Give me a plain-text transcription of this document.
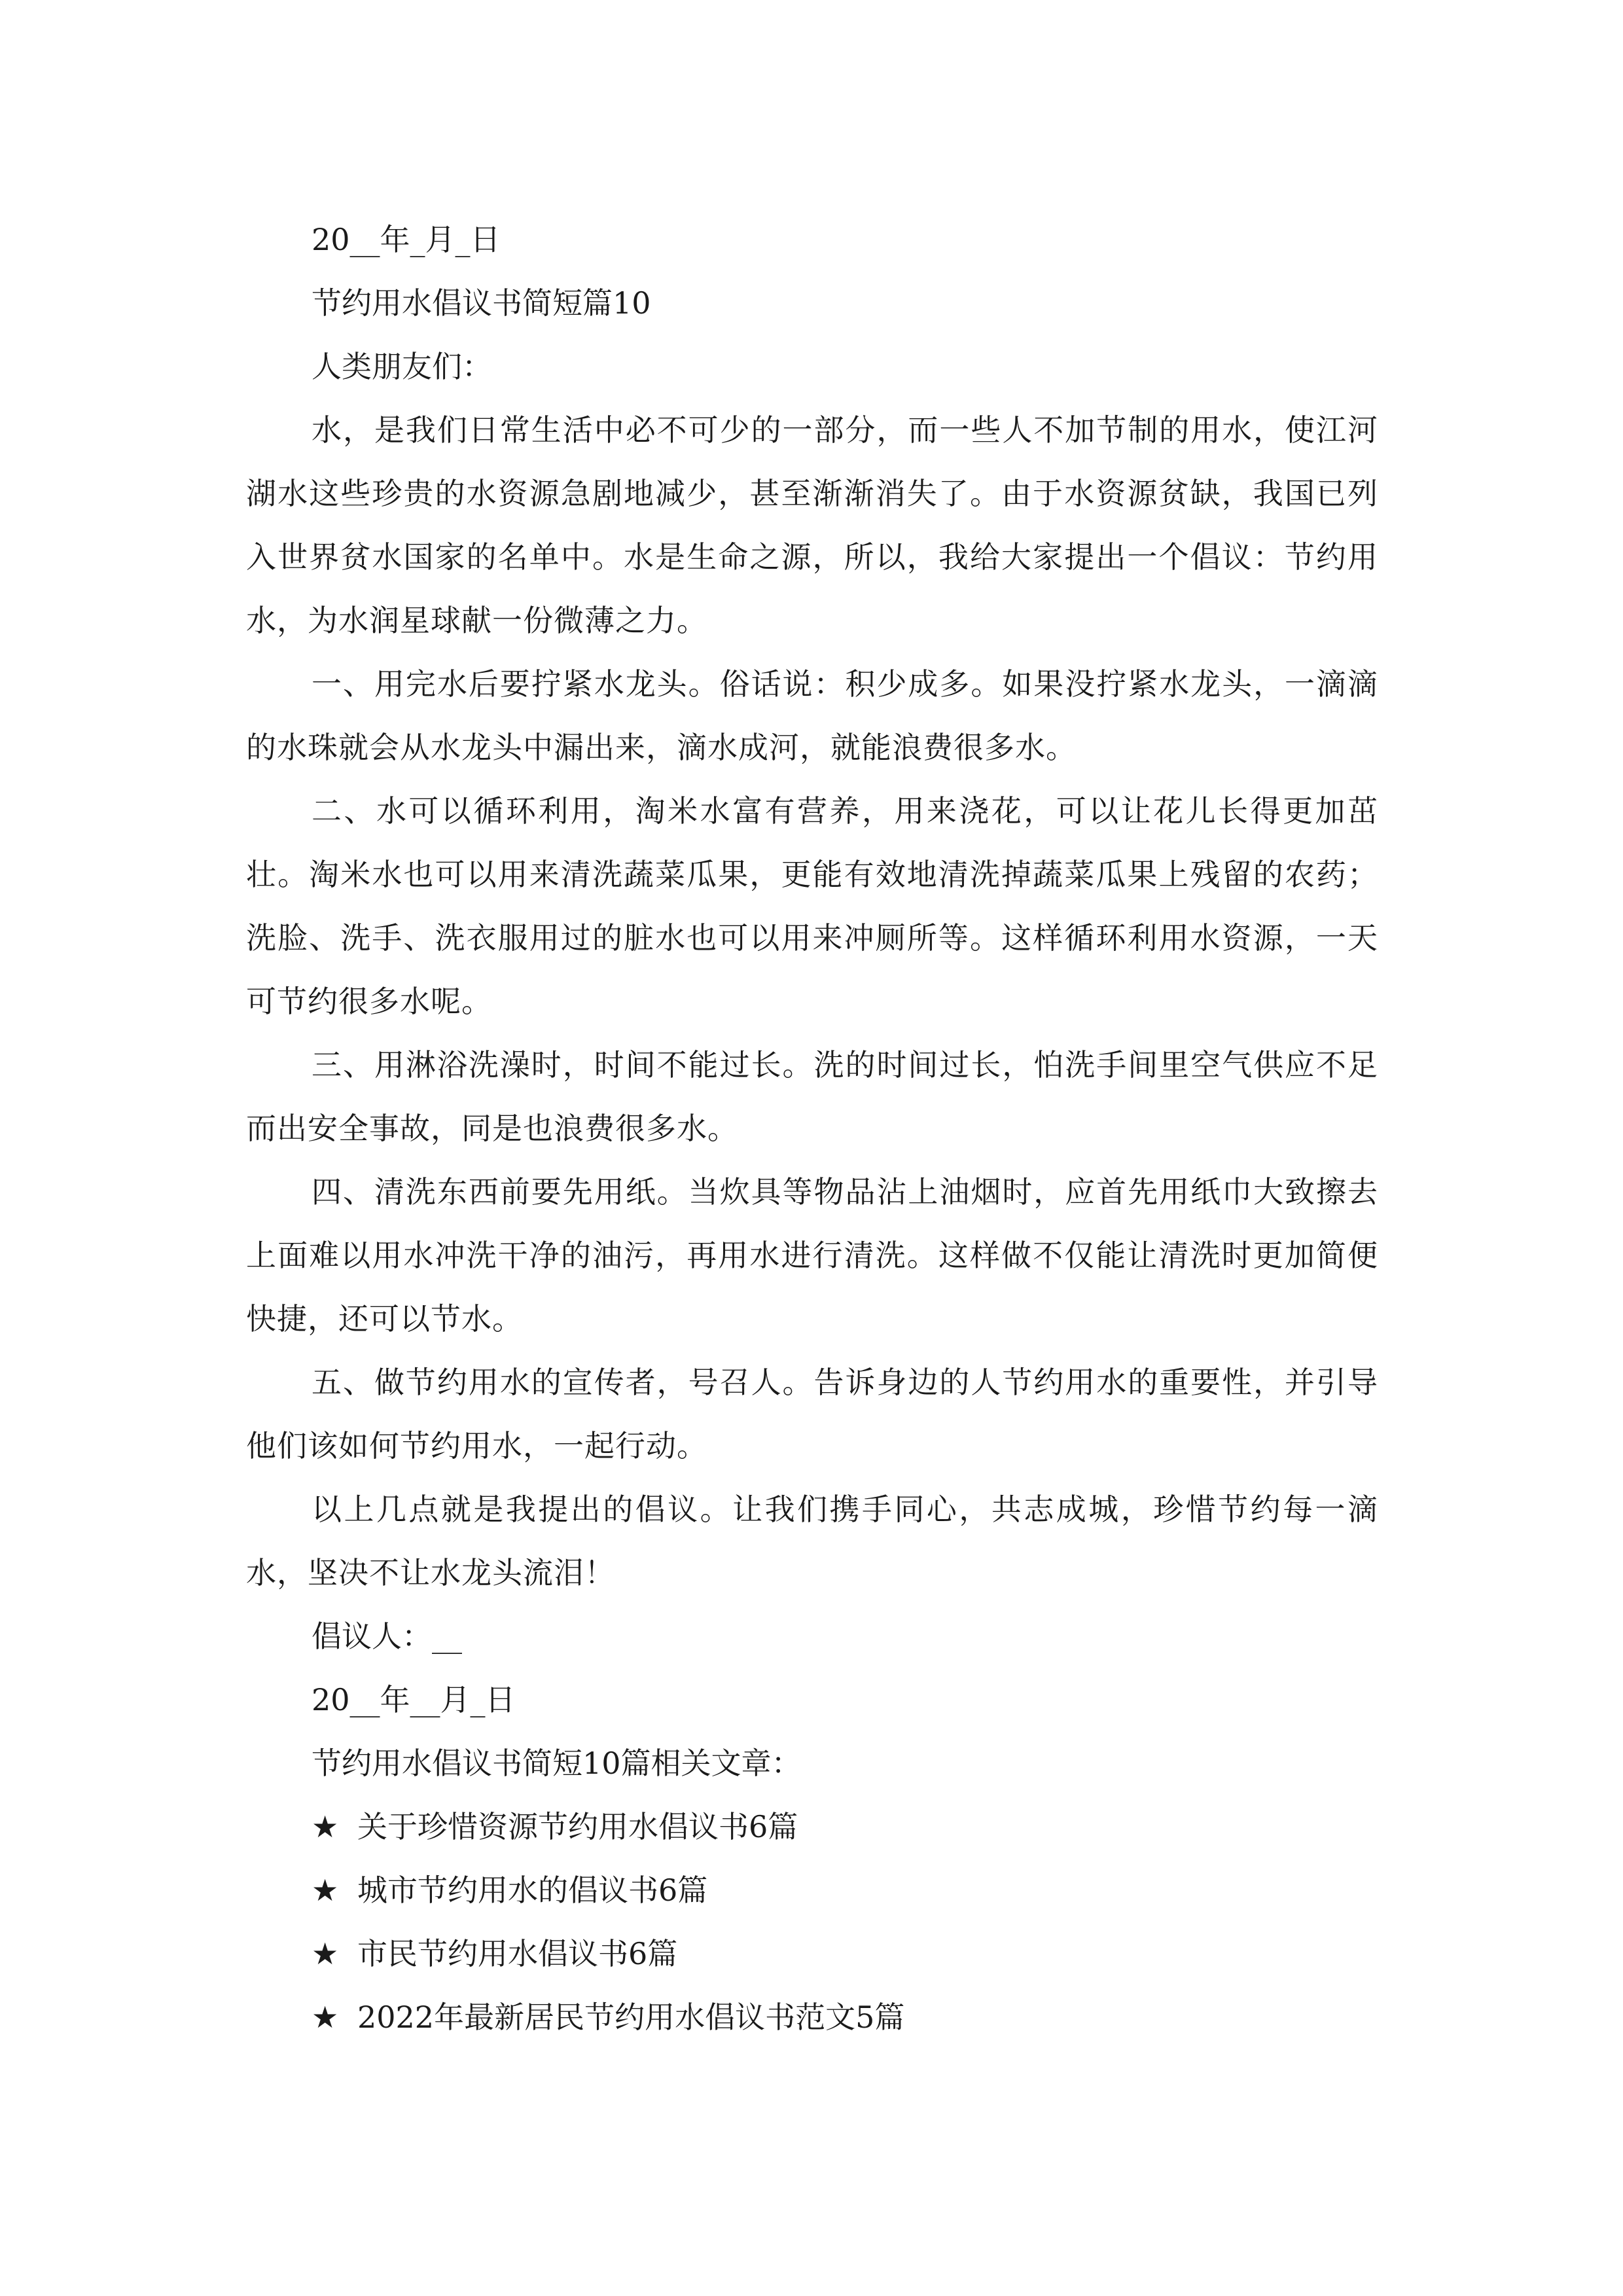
20__年_月_日

节约用水倡议书简短篇10

人类朋友们：

水，是我们日常生活中必不可少的一部分，而一些人不加节制的用水，使江河湖水这些珍贵的水资源急剧地减少，甚至渐渐消失了。由于水资源贫缺，我国已列入世界贫水国家的名单中。水是生命之源，所以，我给大家提出一个倡议：节约用水，为水润星球献一份微薄之力。

一、用完水后要拧紧水龙头。俗话说：积少成多。如果没拧紧水龙头，一滴滴的水珠就会从水龙头中漏出来，滴水成河，就能浪费很多水。

二、水可以循环利用，淘米水富有营养，用来浇花，可以让花儿长得更加茁壮。淘米水也可以用来清洗蔬菜瓜果，更能有效地清洗掉蔬菜瓜果上残留的农药；洗脸、洗手、洗衣服用过的脏水也可以用来冲厕所等。这样循环利用水资源，一天可节约很多水呢。

三、用淋浴洗澡时，时间不能过长。洗的时间过长，怕洗手间里空气供应不足而出安全事故，同是也浪费很多水。

四、清洗东西前要先用纸。当炊具等物品沾上油烟时，应首先用纸巾大致擦去上面难以用水冲洗干净的油污，再用水进行清洗。这样做不仅能让清洗时更加简便快捷，还可以节水。

五、做节约用水的宣传者，号召人。告诉身边的人节约用水的重要性，并引导他们该如何节约用水，一起行动。

以上几点就是我提出的倡议。让我们携手同心，共志成城，珍惜节约每一滴水，坚决不让水龙头流泪！

倡议人：__

20__年__月_日

节约用水倡议书简短10篇相关文章：

★ 关于珍惜资源节约用水倡议书6篇
★ 城市节约用水的倡议书6篇
★ 市民节约用水倡议书6篇
★ 2022年最新居民节约用水倡议书范文5篇
